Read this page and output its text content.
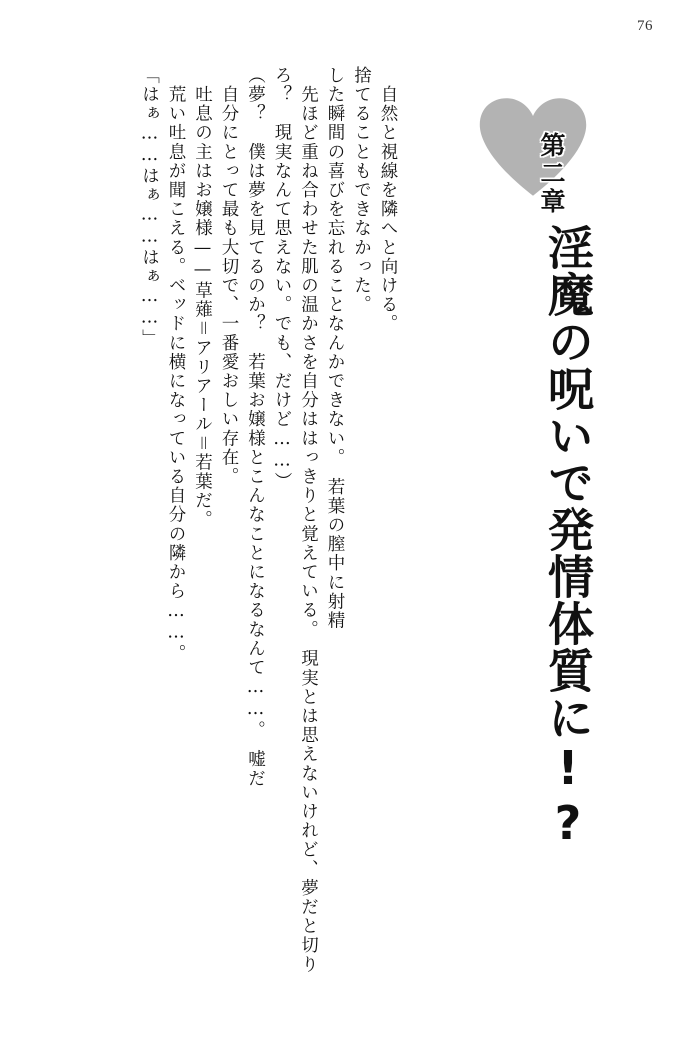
76
第二章
淫魔の呪いで発情体質に!?
「はぁ……はぁ……はぁ……」 　荒い吐息が聞こえる。ベッドに横になっている自分の隣から……。 　吐息の主はお嬢様——草薙＝アリアール＝若葉だ。 　自分にとって最も大切で、一番愛おしい存在。 （夢？　僕は夢を見てるのか？　若葉お嬢様とこんなことになるなんて……。　嘘だ ろ？　現実なんて思えない。でも、だけど……） 　先ほど重ね合わせた肌の温かさを自分ははっきりと覚えている。　現実とは思えないけれど、夢だと切り した瞬間の喜びを忘れることなんかできない。　若葉の膣中に射精 捨てることもできなかった。 　自然と視線を隣へと向ける。
